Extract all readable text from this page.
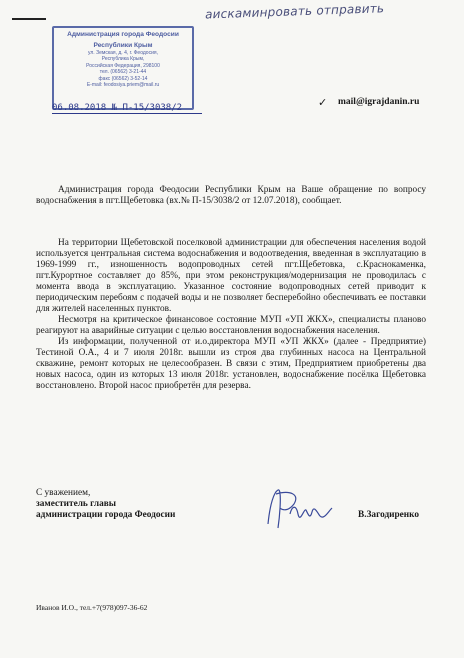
аискаминровать отправить
Администрация города Феодосии
Республики Крым
ул. Земская, д. 4, г. Феодосия,
Республика Крым,
Российская Федерация, 298100
тел. (06562) 3-21-44
факс (06562) 3-52-14
E-mail: feodosiya.priem@mail.ru
06.08.2018 № П-15/3038/2	✓ mail@igrajdanin.ru

Администрация города Феодосии Республики Крым на Ваше обращение по вопросу водоснабжения в пгт.Щебетовка (вх.№ П-15/3038/2 от 12.07.2018), сообщает.

На территории Щебетовской поселковой администрации для обеспечения населения водой используется центральная система водоснабжения и водоотведения, введенная в эксплуатацию в 1969-1999 гг., изношенность водопроводных сетей пгт.Щебетовка, с.Краснокаменка, пгт.Курортное составляет до 85%, при этом реконструкция/модернизация не проводилась с момента ввода в эксплуатацию. Указанное состояние водопроводных сетей приводит к периодическим перебоям с подачей воды и не позволяет бесперебойно обеспечивать ее поставки для жителей населенных пунктов.

Несмотря на критическое финансовое состояние МУП «УП ЖКХ», специалисты планово реагируют на аварийные ситуации с целью восстановления водоснабжения населения.

Из информации, полученной от и.о.директора МУП «УП ЖКХ» (далее - Предприятие) Тестиной О.А., 4 и 7 июля 2018г. вышли из строя два глубинных насоса на Центральной скважине, ремонт которых не целесообразен. В связи с этим, Предприятием приобретены два новых насоса, один из которых 13 июля 2018г. установлен, водоснабжение посёлка Щебетовка восстановлено. Второй насос приобретён для резерва.

С уважением,
заместитель главы
администрации города Феодосии	В.Загодиренко
Иванов И.О., тел.+7(978)097-36-62
